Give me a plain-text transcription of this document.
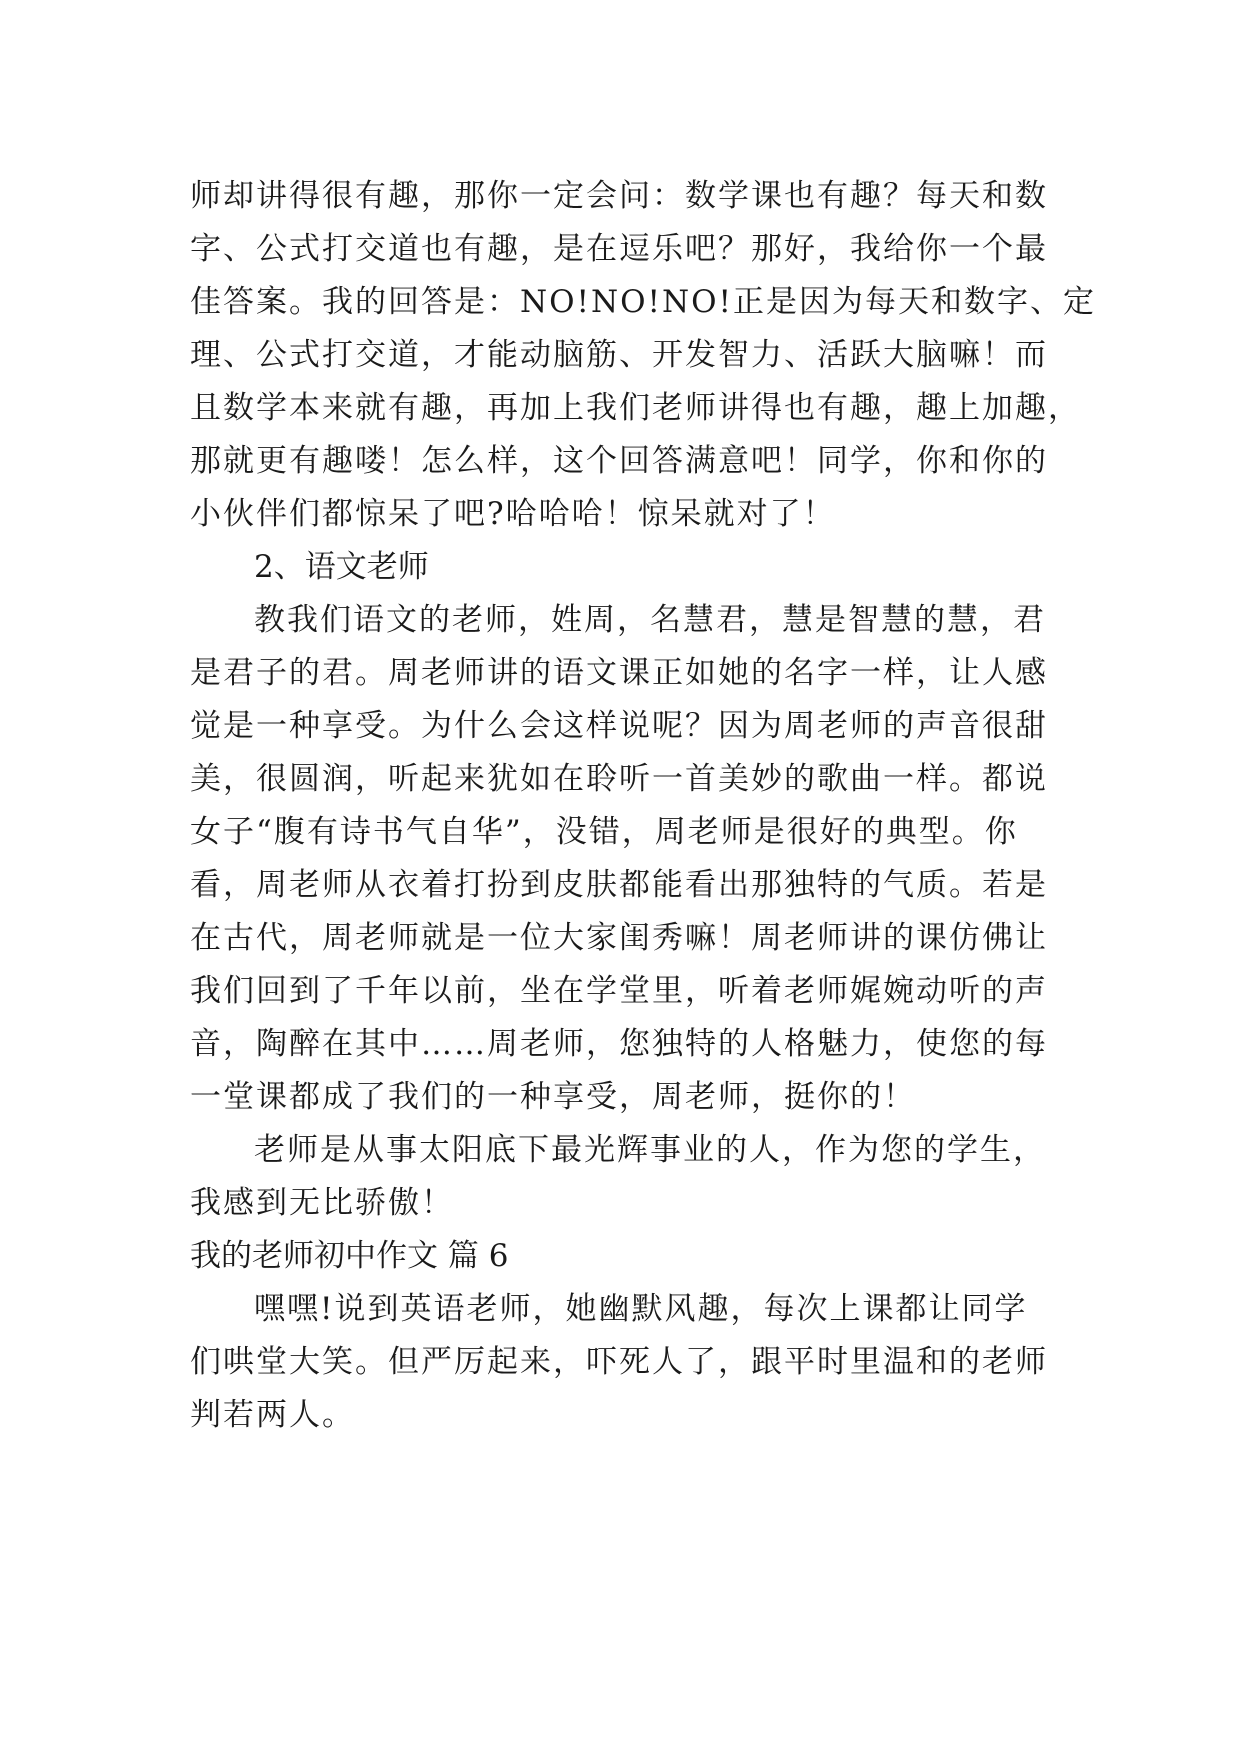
师却讲得很有趣，那你一定会问：数学课也有趣？每天和数
字、公式打交道也有趣，是在逗乐吧？那好，我给你一个最
佳答案。我的回答是：NO!NO!NO!正是因为每天和数字、定
理、公式打交道，才能动脑筋、开发智力、活跃大脑嘛！而
且数学本来就有趣，再加上我们老师讲得也有趣，趣上加趣，
那就更有趣喽！怎么样，这个回答满意吧！同学，你和你的
小伙伴们都惊呆了吧?哈哈哈！惊呆就对了！
2、语文老师
教我们语文的老师，姓周，名慧君，慧是智慧的慧，君
是君子的君。周老师讲的语文课正如她的名字一样，让人感
觉是一种享受。为什么会这样说呢？因为周老师的声音很甜
美，很圆润，听起来犹如在聆听一首美妙的歌曲一样。都说
女子“腹有诗书气自华”，没错，周老师是很好的典型。你
看，周老师从衣着打扮到皮肤都能看出那独特的气质。若是
在古代，周老师就是一位大家闺秀嘛！周老师讲的课仿佛让
我们回到了千年以前，坐在学堂里，听着老师娓婉动听的声
音，陶醉在其中……周老师，您独特的人格魅力，使您的每
一堂课都成了我们的一种享受，周老师，挺你的！
老师是从事太阳底下最光辉事业的人，作为您的学生，
我感到无比骄傲！
我的老师初中作文 篇 6
嘿嘿!说到英语老师，她幽默风趣，每次上课都让同学
们哄堂大笑。但严厉起来，吓死人了，跟平时里温和的老师
判若两人。
